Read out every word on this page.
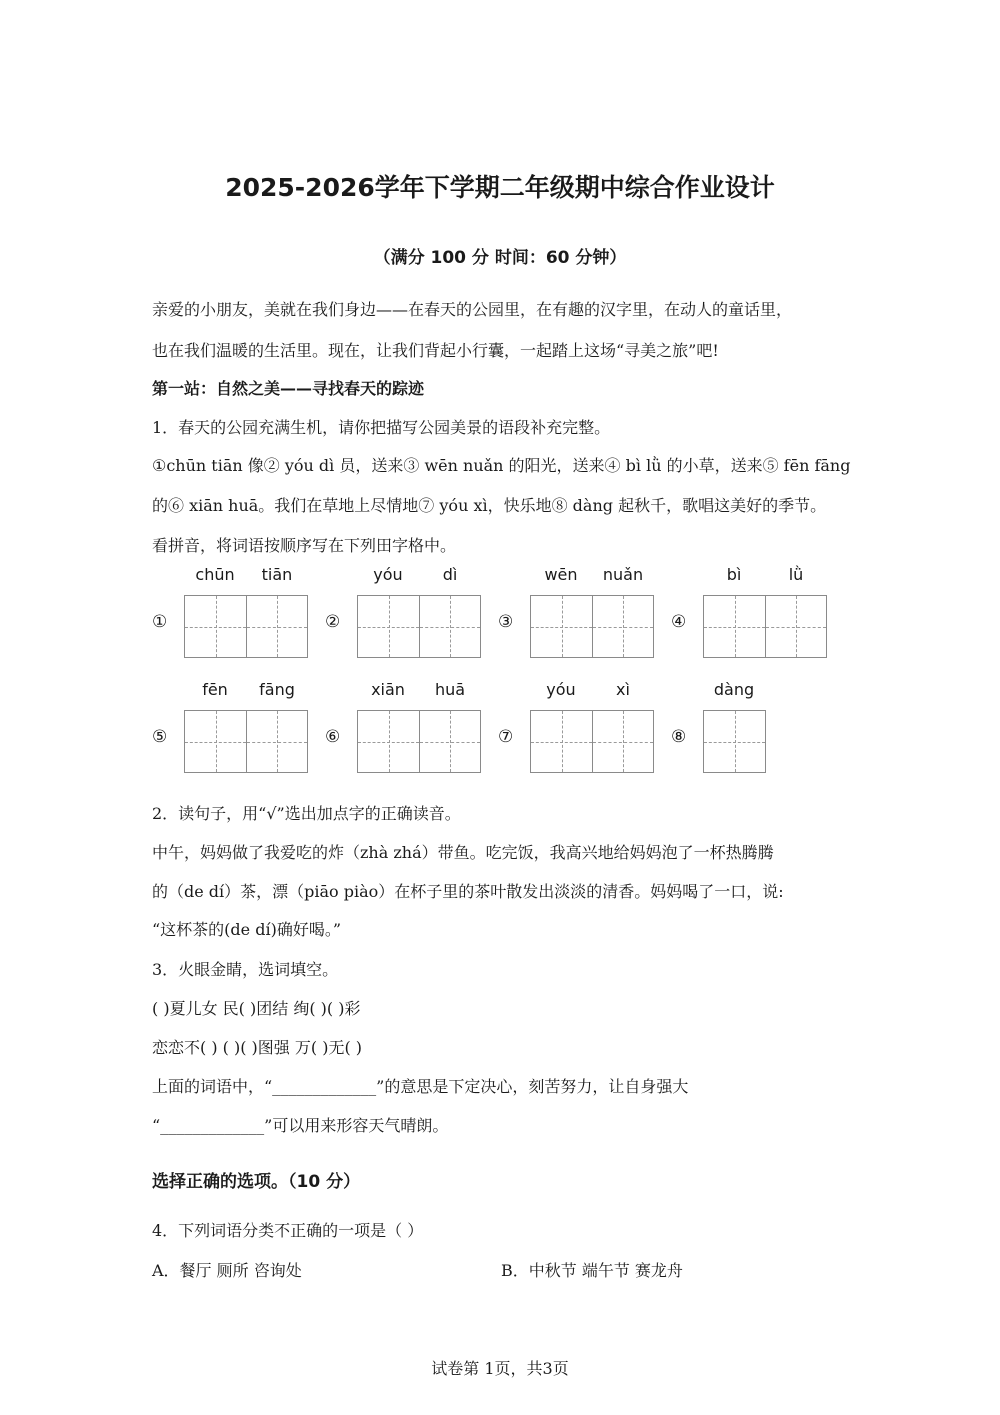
2025-2026学年下学期二年级期中综合作业设计
（满分 100 分 时间：60 分钟）
亲爱的小朋友，美就在我们身边——在春天的公园里，在有趣的汉字里，在动人的童话里，
也在我们温暖的生活里。现在，让我们背起小行囊，一起踏上这场“寻美之旅”吧!
第一站：自然之美——寻找春天的踪迹
1．春天的公园充满生机，请你把描写公园美景的语段补充完整。
①chūn tiān 像② yóu dì 员，送来③ wēn nuǎn 的阳光，送来④ bì lǜ 的小草，送来⑤ fēn fāng
的⑥ xiān huā。我们在草地上尽情地⑦ yóu xì，快乐地⑧ dàng 起秋千，歌唱这美好的季节。
看拼音，将词语按顺序写在下列田字格中。
①
chūn	tiān
②
yóu	dì
③
wēn	nuǎn
④
bì	lǜ
⑤
fēn	fāng
⑥
xiān	huā
⑦
yóu	xì
⑧
dàng
2．读句子，用“√”选出加点字的正确读音。
中午，妈妈做了我爱吃的炸（zhà zhá）带鱼。吃完饭，我高兴地给妈妈泡了一杯热腾腾
的（de dí）茶，漂（piāo piào）在杯子里的茶叶散发出淡淡的清香。妈妈喝了一口，说:
“这杯茶的(de dí)确好喝。”
3．火眼金睛，选词填空。
( )夏儿女 民( )团结 绚( )( )彩
恋恋不( ) ( )( )图强 万( )无( )
上面的词语中，“_____________”的意思是下定决心，刻苦努力，让自身强大
“_____________”可以用来形容天气晴朗。
选择正确的选项。（10 分）
4．下列词语分类不正确的一项是（ ）
A．餐厅 厕所 咨询处	B．中秋节 端午节 赛龙舟
试卷第 1页，共3页
